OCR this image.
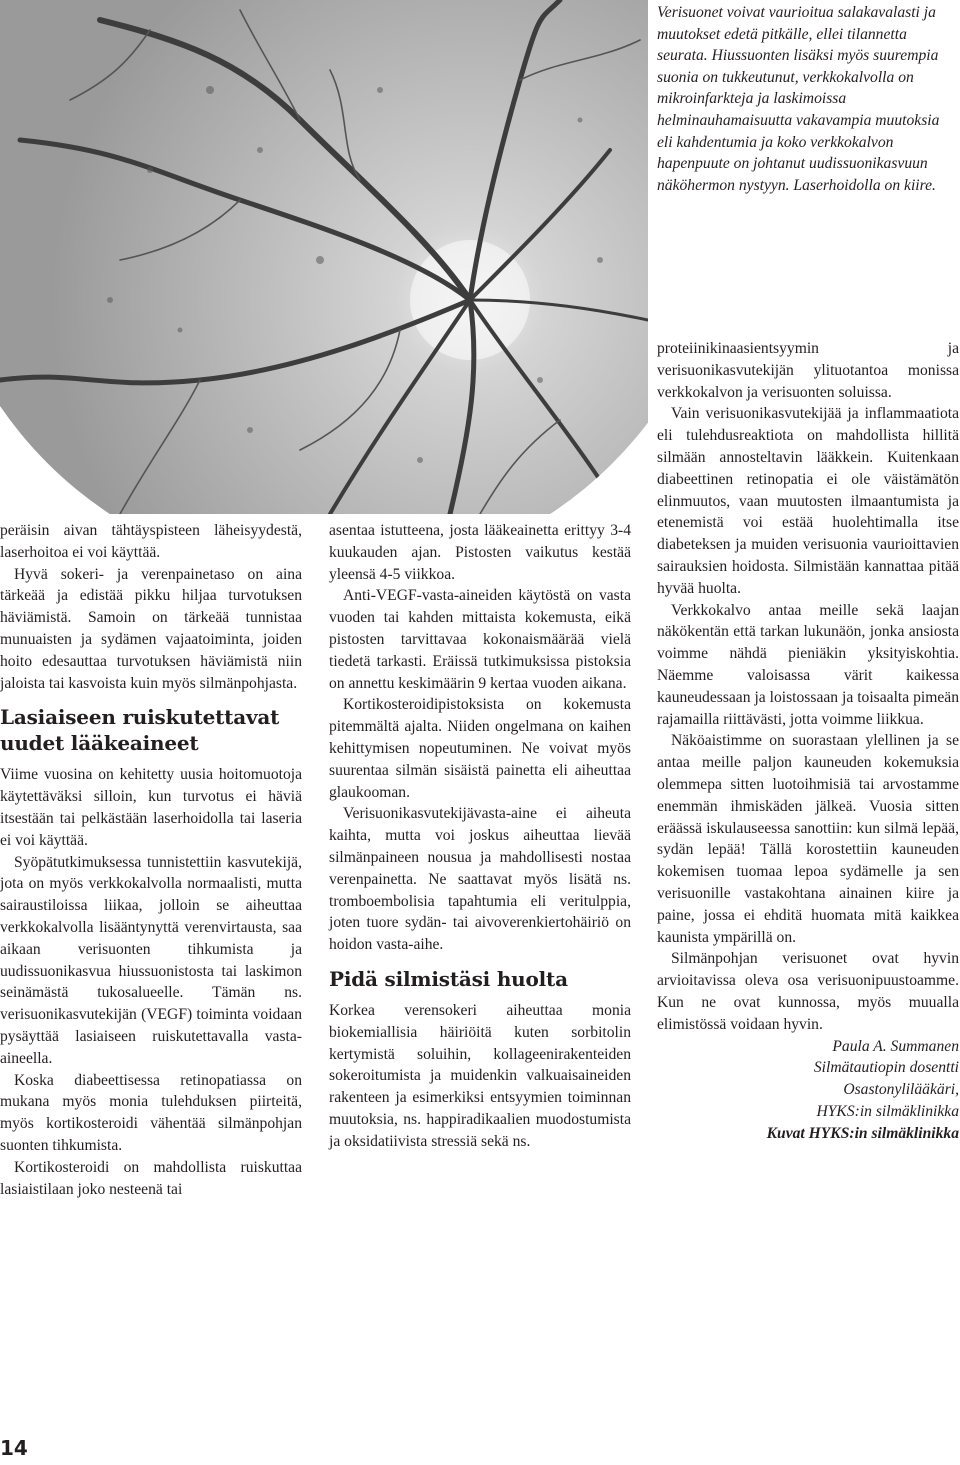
Verisuonet voivat vaurioitua salakavalasti ja muutokset edetä pitkälle, ellei tilannetta seurata. Hiussuonten lisäksi myös suurempia suonia on tukkeutunut, verkkokalvolla on mikroinfarkteja ja laskimoissa helminauhamaisuutta vakavampia muutoksia eli kahdentumia ja koko verkkokalvon hapenpuute on johtanut uudissuonikasvuun näköhermon nystyyn. Laserhoidolla on kiire.

peräisin aivan tähtäyspisteen läheisyydestä, laserhoitoa ei voi käyttää.

Hyvä sokeri- ja verenpainetaso on aina tärkeää ja edistää pikku hiljaa turvotuksen häviämistä. Samoin on tärkeää tunnistaa munuaisten ja sydämen vajaatoiminta, joiden hoito edesauttaa turvotuksen häviämistä niin jaloista tai kasvoista kuin myös silmänpohjasta.

Lasiaiseen ruiskutettavat uudet lääkeaineet

Viime vuosina on kehitetty uusia hoitomuotoja käytettäväksi silloin, kun turvotus ei häviä itsestään tai pelkästään laserhoidolla tai laseria ei voi käyttää.

Syöpätutkimuksessa tunnistettiin kasvutekijä, jota on myös verkkokalvolla normaalisti, mutta sairaustiloissa liikaa, jolloin se aiheuttaa verkkokalvolla lisääntynyttä verenvirtausta, saa aikaan verisuonten tihkumista ja uudissuonikasvua hiussuonistosta tai laskimon seinämästä tukosalueelle. Tämän ns. verisuonikasvutekijän (VEGF) toiminta voidaan pysäyttää lasiaiseen ruiskutettavalla vasta-aineella.

Koska diabeettisessa retinopatiassa on mukana myös monia tulehduksen piirteitä, myös kortikosteroidi vähentää silmänpohjan suonten tihkumista.

Kortikosteroidi on mahdollista ruiskuttaa lasiaistilaan joko nesteenä tai

asentaa istutteena, josta lääkeainetta erittyy 3-4 kuukauden ajan. Pistosten vaikutus kestää yleensä 4-5 viikkoa.

Anti-VEGF-vasta-aineiden käytöstä on vasta vuoden tai kahden mittaista kokemusta, eikä pistosten tarvittavaa kokonaismäärää vielä tiedetä tarkasti. Eräissä tutkimuksissa pistoksia on annettu keskimäärin 9 kertaa vuoden aikana.

Kortikosteroidipistoksista on kokemusta pitemmältä ajalta. Niiden ongelmana on kaihen kehittymisen nopeutuminen. Ne voivat myös suurentaa silmän sisäistä painetta eli aiheuttaa glaukooman.

Verisuonikasvutekijävasta-aine ei aiheuta kaihta, mutta voi joskus aiheuttaa lievää silmänpaineen nousua ja mahdollisesti nostaa verenpainetta. Ne saattavat myös lisätä ns. tromboembolisia tapahtumia eli veritulppia, joten tuore sydän- tai aivoverenkiertohäiriö on hoidon vasta-aihe.

Pidä silmistäsi huolta

Korkea verensokeri aiheuttaa monia biokemiallisia häiriöitä kuten sorbitolin kertymistä soluihin, kollageenirakenteiden sokeroitumista ja muidenkin valkuaisaineiden rakenteen ja esimerkiksi entsyymien toiminnan muutoksia, ns. happiradikaalien muodostumista ja oksidatiivista stressiä sekä ns.

proteiinikinaasientsyymin ja verisuonikasvutekijän ylituotantoa monissa verkkokalvon ja verisuonten soluissa.

Vain verisuonikasvutekijää ja inflammaatiota eli tulehdusreaktiota on mahdollista hillitä silmään annosteltavin lääkkein. Kuitenkaan diabeettinen retinopatia ei ole väistämätön elinmuutos, vaan muutosten ilmaantumista ja etenemistä voi estää huolehtimalla itse diabeteksen ja muiden verisuonia vaurioittavien sairauksien hoidosta. Silmistään kannattaa pitää hyvää huolta.

Verkkokalvo antaa meille sekä laajan näkökentän että tarkan lukunäön, jonka ansiosta voimme nähdä pieniäkin yksityiskohtia. Näemme valoisassa värit kaikessa kauneudessaan ja loistossaan ja toisaalta pimeän rajamailla riittävästi, jotta voimme liikkua.

Näköaistimme on suorastaan ylellinen ja se antaa meille paljon kauneuden kokemuksia olemmepa sitten luotoihmisiä tai arvostamme enemmän ihmiskäden jälkeä. Vuosia sitten eräässä iskulauseessa sanottiin: kun silmä lepää, sydän lepää! Tällä korostettiin kauneuden kokemisen tuomaa lepoa sydämelle ja sen verisuonille vastakohtana ainainen kiire ja paine, jossa ei ehditä huomata mitä kaikkea kaunista ympärillä on.

Silmänpohjan verisuonet ovat hyvin arvioitavissa oleva osa verisuonipuustoamme. Kun ne ovat kunnossa, myös muualla elimistössä voidaan hyvin.

Paula A. Summanen

Silmätautiopin dosentti

Osastonylilääkäri,

HYKS:in silmäklinikka

Kuvat HYKS:in silmäklinikka

14
